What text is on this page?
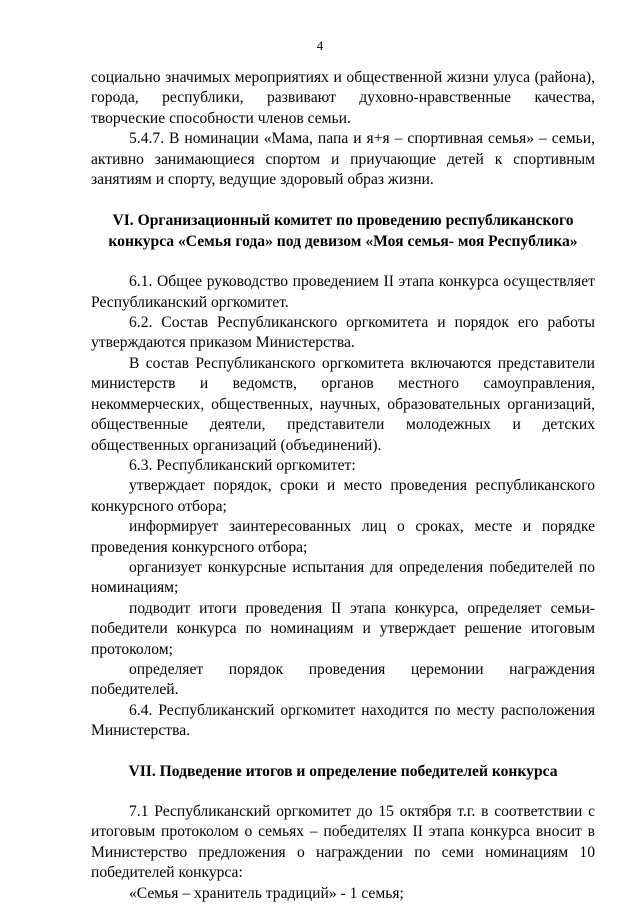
4

социально значимых мероприятиях и общественной жизни улуса (района), города, республики, развивают духовно-нравственные качества, творческие способности членов семьи.

5.4.7. В номинации «Мама, папа и я+я – спортивная семья» – семьи, активно занимающиеся спортом и приучающие детей к спортивным занятиям и спорту, ведущие здоровый образ жизни.

VI. Организационный комитет по проведению республиканского конкурса «Семья года» под девизом «Моя семья- моя Республика»

6.1. Общее руководство проведением II этапа конкурса осуществляет Республиканский оргкомитет.

6.2. Состав Республиканского оргкомитета и порядок его работы утверждаются приказом Министерства.

В состав Республиканского оргкомитета включаются представители министерств и ведомств, органов местного самоуправления, некоммерческих, общественных, научных, образовательных организаций, общественные деятели, представители молодежных и детских общественных организаций (объединений).

6.3. Республиканский оргкомитет:

утверждает порядок, сроки и место проведения республиканского конкурсного отбора;

информирует заинтересованных лиц о сроках, месте и порядке проведения конкурсного отбора;

организует конкурсные испытания для определения победителей по номинациям;

подводит итоги проведения II этапа конкурса, определяет семьи-победители конкурса по номинациям и утверждает решение итоговым протоколом;

определяет порядок проведения церемонии награждения победителей.

6.4. Республиканский оргкомитет находится по месту расположения Министерства.

VII. Подведение итогов и определение победителей конкурса

7.1 Республиканский оргкомитет до 15 октября т.г. в соответствии с итоговым протоколом о семьях – победителях II этапа конкурса вносит в Министерство предложения о награждении по семи номинациям 10 победителей конкурса:

«Семья – хранитель традиций» - 1 семья;
